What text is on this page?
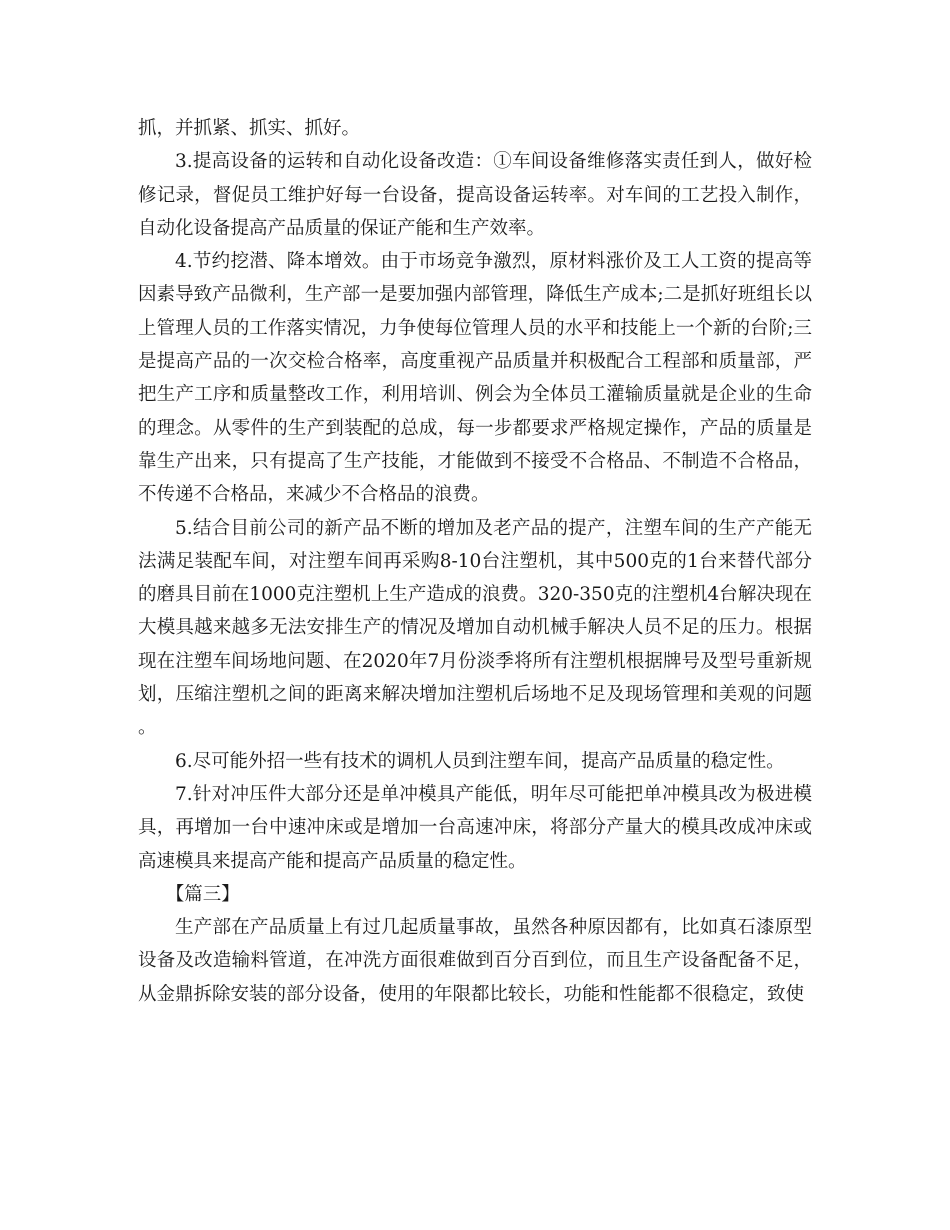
抓，并抓紧、抓实、抓好。

3.提高设备的运转和自动化设备改造：①车间设备维修落实责任到人，做好检修记录，督促员工维护好每一台设备，提高设备运转率。对车间的工艺投入制作，自动化设备提高产品质量的保证产能和生产效率。

4.节约挖潜、降本增效。由于市场竞争激烈，原材料涨价及工人工资的提高等因素导致产品微利，生产部一是要加强内部管理，降低生产成本;二是抓好班组长以上管理人员的工作落实情况，力争使每位管理人员的水平和技能上一个新的台阶;三是提高产品的一次交检合格率，高度重视产品质量并积极配合工程部和质量部，严把生产工序和质量整改工作，利用培训、例会为全体员工灌输质量就是企业的生命的理念。从零件的生产到装配的总成，每一步都要求严格规定操作，产品的质量是靠生产出来，只有提高了生产技能，才能做到不接受不合格品、不制造不合格品，不传递不合格品，来减少不合格品的浪费。

5.结合目前公司的新产品不断的增加及老产品的提产，注塑车间的生产产能无法满足装配车间，对注塑车间再采购8-10台注塑机，其中500克的1台来替代部分的磨具目前在1000克注塑机上生产造成的浪费。320-350克的注塑机4台解决现在大模具越来越多无法安排生产的情况及增加自动机械手解决人员不足的压力。根据现在注塑车间场地问题、在2020年7月份淡季将所有注塑机根据牌号及型号重新规划，压缩注塑机之间的距离来解决增加注塑机后场地不足及现场管理和美观的问题。

6.尽可能外招一些有技术的调机人员到注塑车间，提高产品质量的稳定性。

7.针对冲压件大部分还是单冲模具产能低，明年尽可能把单冲模具改为极进模具，再增加一台中速冲床或是增加一台高速冲床，将部分产量大的模具改成冲床或高速模具来提高产能和提高产品质量的稳定性。

【篇三】

生产部在产品质量上有过几起质量事故，虽然各种原因都有，比如真石漆原型设备及改造输料管道，在冲洗方面很难做到百分百到位，而且生产设备配备不足，从金鼎拆除安装的部分设备，使用的年限都比较长，功能和性能都不很稳定，致使
